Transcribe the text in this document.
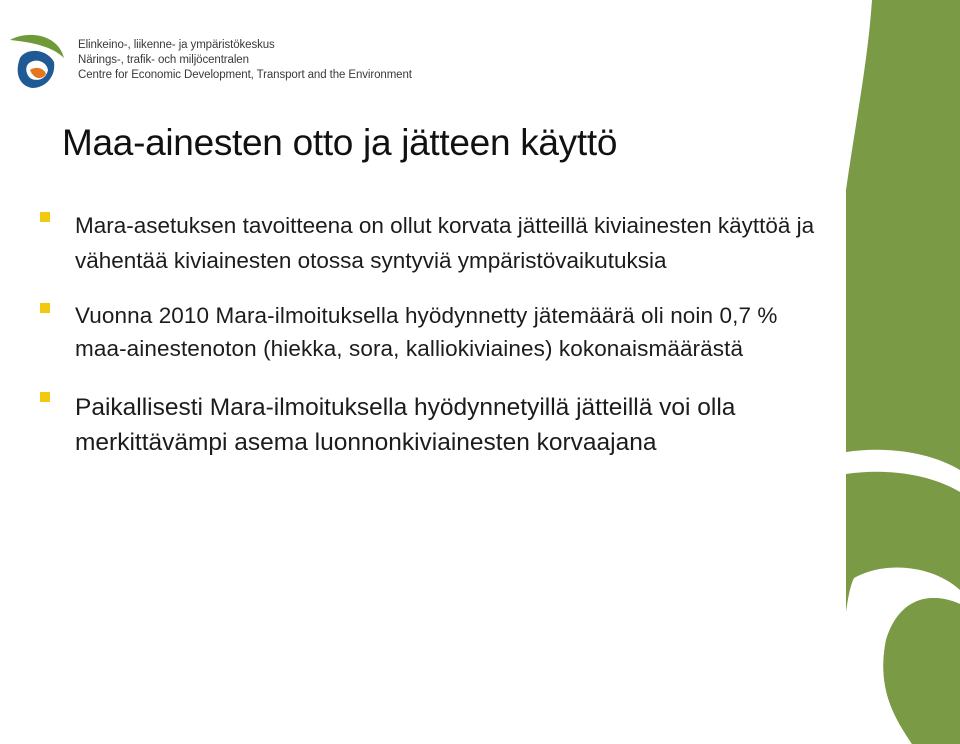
Elinkeino-, liikenne- ja ympäristökeskus
Närings-, trafik- och miljöcentralen
Centre for Economic Development, Transport and the Environment
Maa-ainesten otto ja jätteen käyttö
Mara-asetuksen tavoitteena on ollut korvata jätteillä kiviainesten käyttöä ja vähentää kiviainesten otossa syntyviä ympäristövaikutuksia
Vuonna 2010 Mara-ilmoituksella hyödynnetty jätemäärä oli noin 0,7 % maa-ainestenoton (hiekka, sora, kalliokiviaines) kokonaismäärästä
Paikallisesti Mara-ilmoituksella hyödynnetyillä jätteillä voi olla merkittävämpi asema luonnonkiviainesten korvaajana
